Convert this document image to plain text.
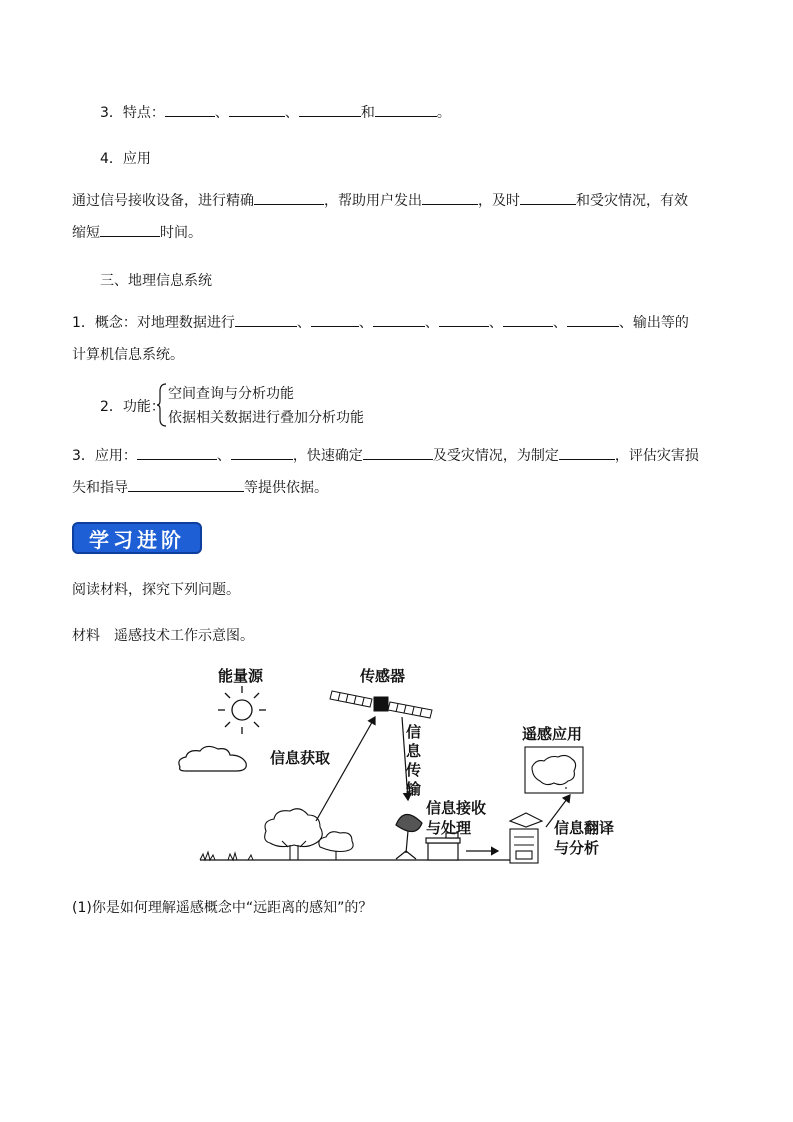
3．特点：	、	、	和	。
4．应用
通过信号接收设备，进行精确	，帮助用户发出	，及时	和受灾情况，有效
缩短	时间。
三、地理信息系统
1．概念：对地理数据进行	、	、	、	、	、	、输出等的
计算机信息系统。
2．功能：
空间查询与分析功能
依据相关数据进行叠加分析功能
3．应用：	、	，快速确定	及受灾情况，为制定	，评估灾害损
失和指导	等提供依据。
学习进阶
阅读材料，探究下列问题。
材料 遥感技术工作示意图。
能量源	传感器
信息获取
信
息
传
输
信息接收
与处理
遥感应用
信息翻译
与分析
(1)你是如何理解遥感概念中“远距离的感知”的？
